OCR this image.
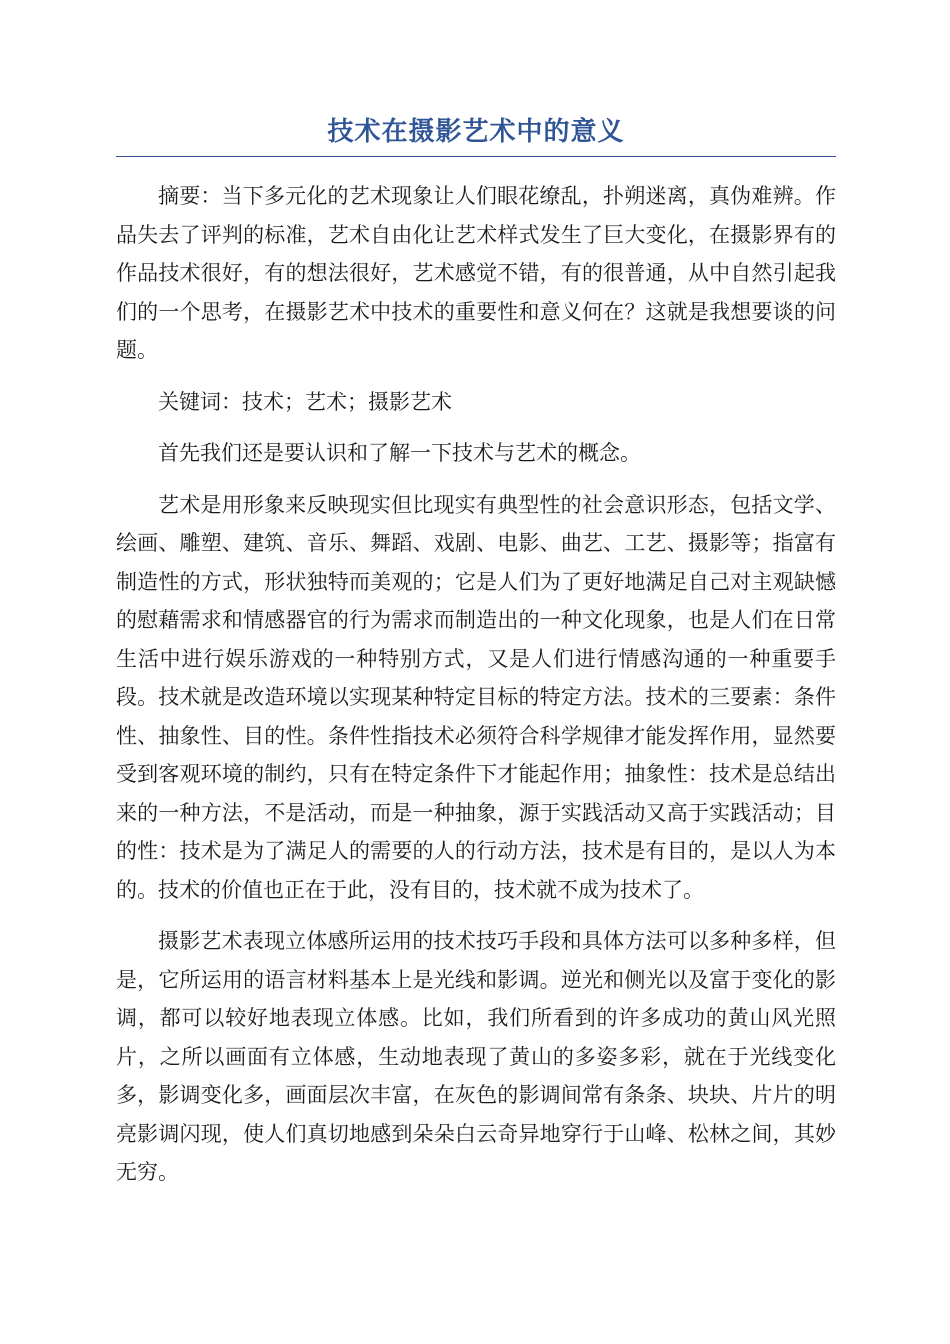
技术在摄影艺术中的意义

摘要：当下多元化的艺术现象让人们眼花缭乱，扑朔迷离，真伪难辨。作品失去了评判的标准，艺术自由化让艺术样式发生了巨大变化，在摄影界有的作品技术很好，有的想法很好，艺术感觉不错，有的很普通，从中自然引起我们的一个思考，在摄影艺术中技术的重要性和意义何在？这就是我想要谈的问题。

关键词：技术；艺术；摄影艺术

首先我们还是要认识和了解一下技术与艺术的概念。

艺术是用形象来反映现实但比现实有典型性的社会意识形态，包括文学、绘画、雕塑、建筑、音乐、舞蹈、戏剧、电影、曲艺、工艺、摄影等；指富有制造性的方式，形状独特而美观的；它是人们为了更好地满足自己对主观缺憾的慰藉需求和情感器官的行为需求而制造出的一种文化现象，也是人们在日常生活中进行娱乐游戏的一种特别方式，又是人们进行情感沟通的一种重要手段。技术就是改造环境以实现某种特定目标的特定方法。技术的三要素：条件性、抽象性、目的性。条件性指技术必须符合科学规律才能发挥作用，显然要受到客观环境的制约，只有在特定条件下才能起作用；抽象性：技术是总结出来的一种方法，不是活动，而是一种抽象，源于实践活动又高于实践活动；目的性：技术是为了满足人的需要的人的行动方法，技术是有目的，是以人为本的。技术的价值也正在于此，没有目的，技术就不成为技术了。

摄影艺术表现立体感所运用的技术技巧手段和具体方法可以多种多样，但是，它所运用的语言材料基本上是光线和影调。逆光和侧光以及富于变化的影调，都可以较好地表现立体感。比如，我们所看到的许多成功的黄山风光照片，之所以画面有立体感，生动地表现了黄山的多姿多彩，就在于光线变化多，影调变化多，画面层次丰富，在灰色的影调间常有条条、块块、片片的明亮影调闪现，使人们真切地感到朵朵白云奇异地穿行于山峰、松林之间，其妙无穷。
